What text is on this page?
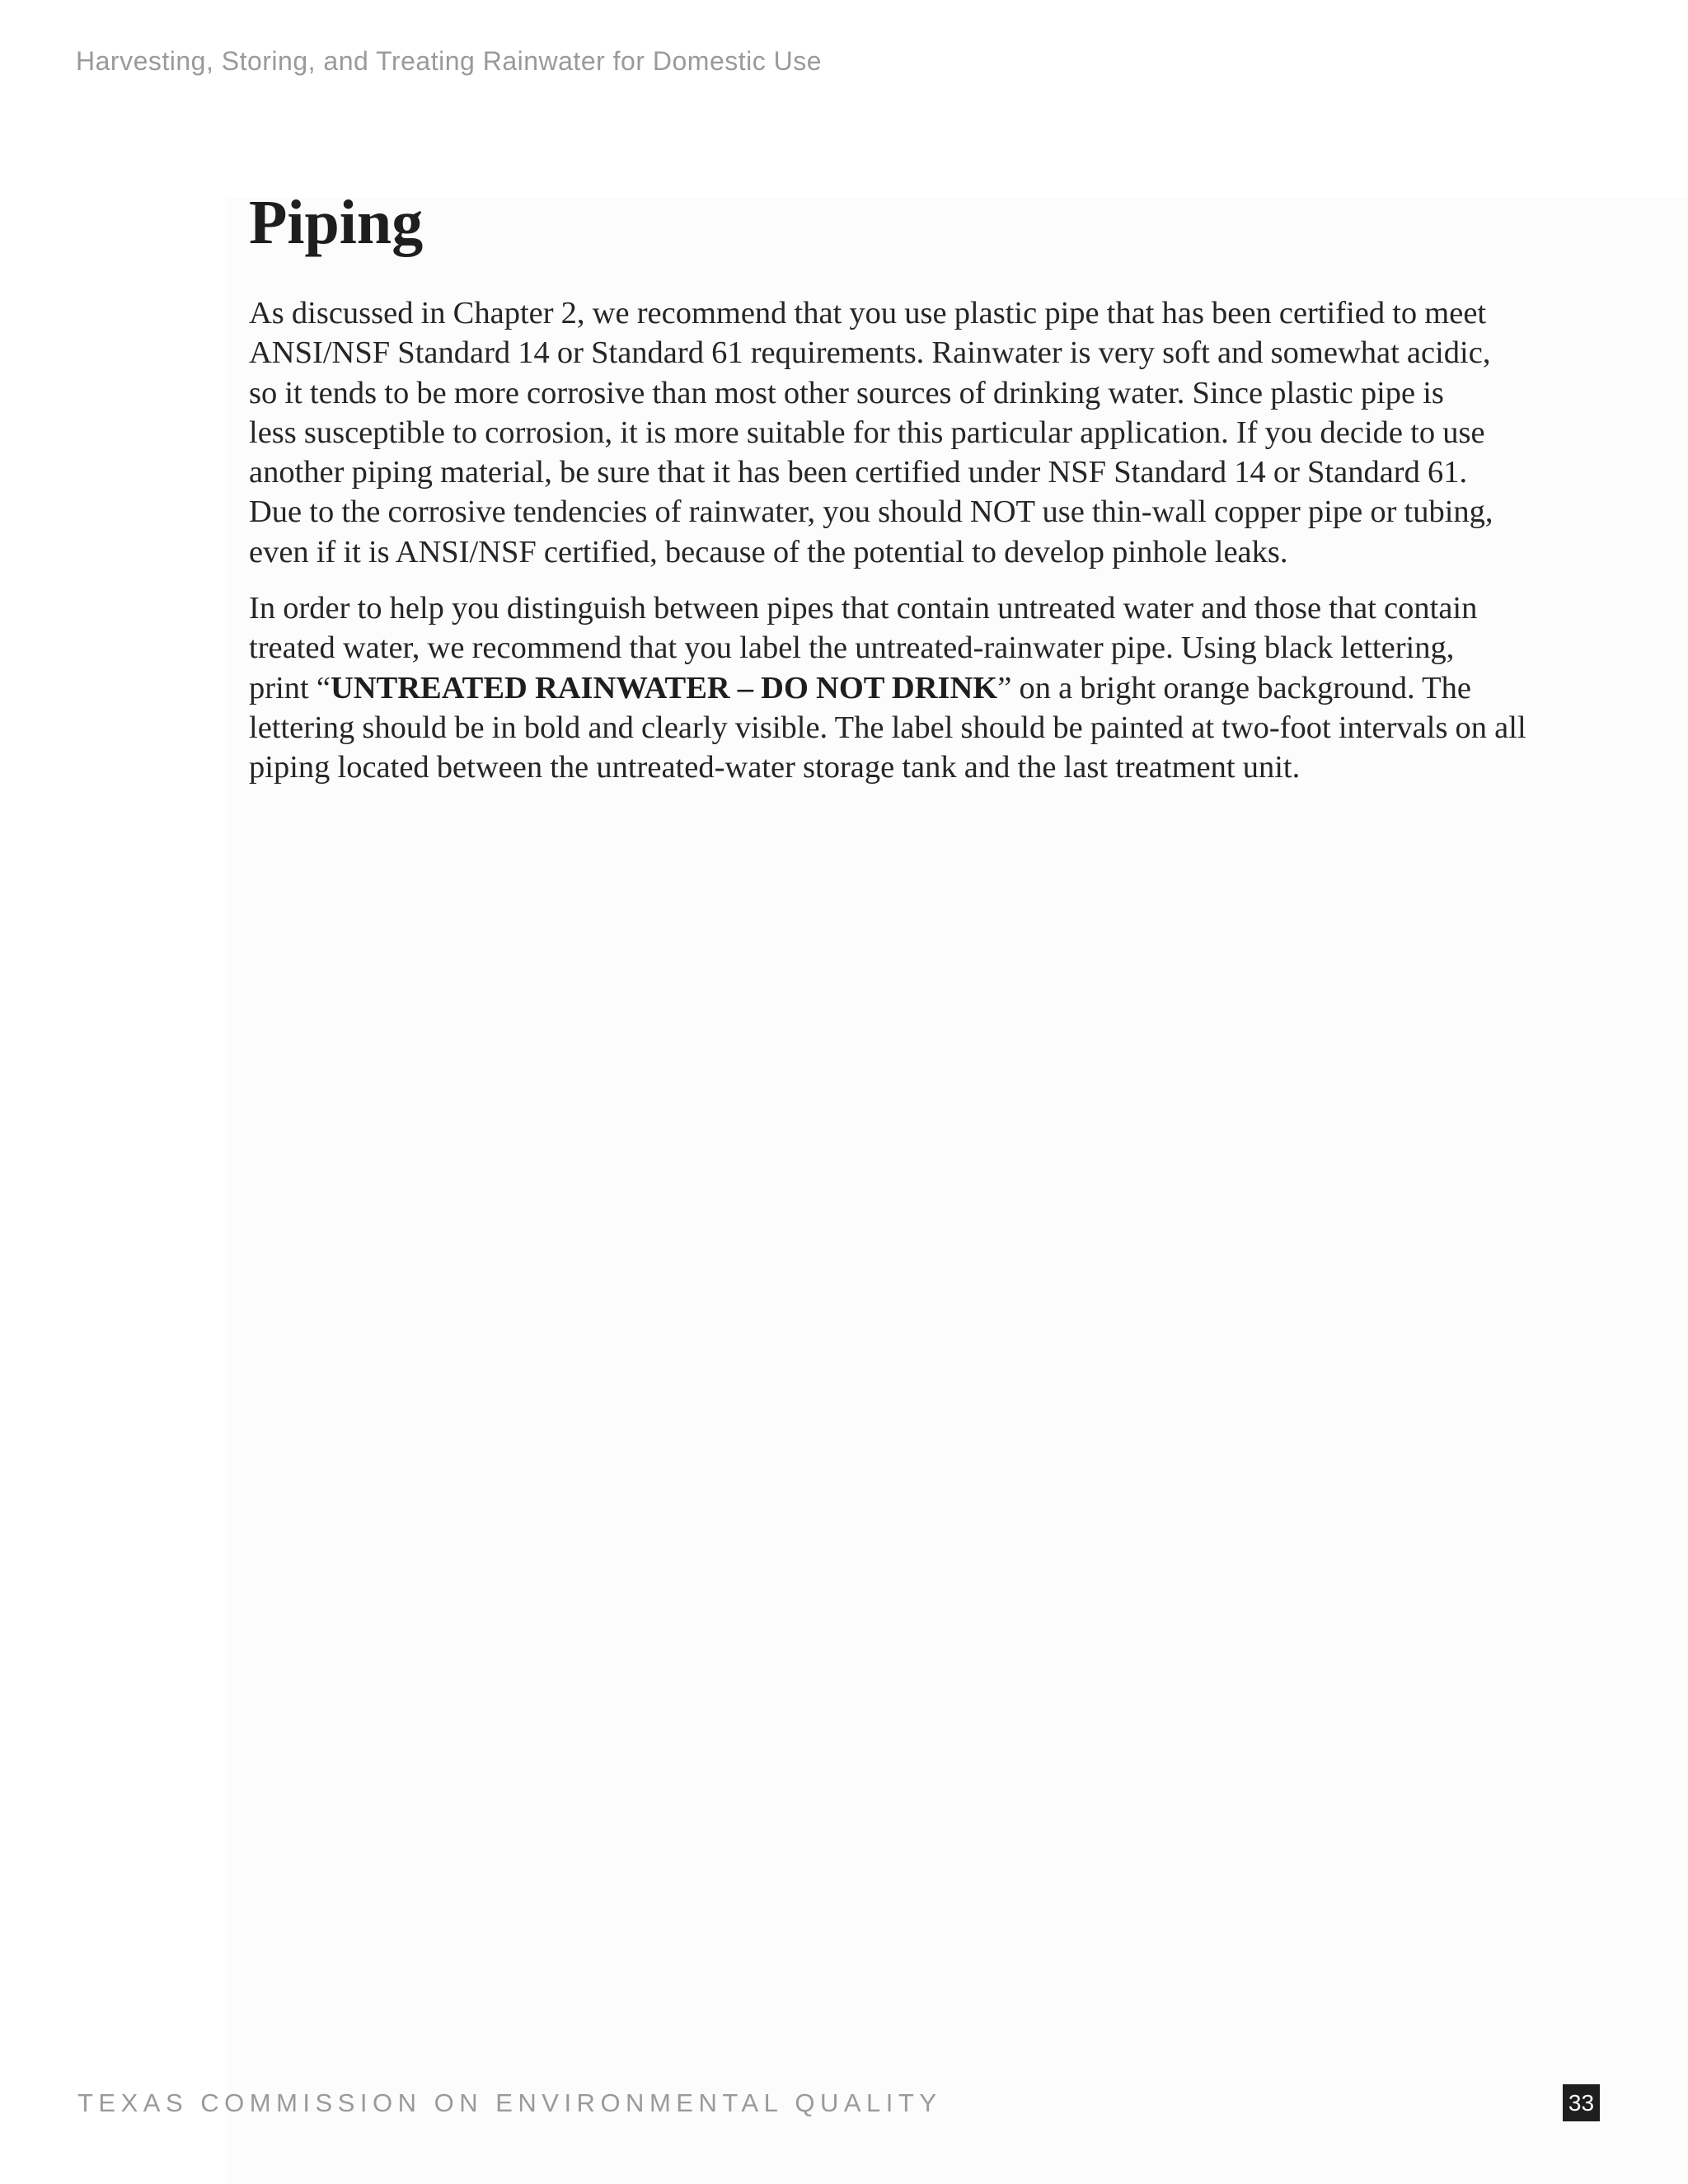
Harvesting, Storing, and Treating Rainwater for Domestic Use
Piping

As discussed in Chapter 2, we recommend that you use plastic pipe that has been certified to meet
ANSI/NSF Standard 14 or Standard 61 requirements. Rainwater is very soft and somewhat acidic,
so it tends to be more corrosive than most other sources of drinking water. Since plastic pipe is
less susceptible to corrosion, it is more suitable for this particular application. If you decide to use
another piping material, be sure that it has been certified under NSF Standard 14 or Standard 61.
Due to the corrosive tendencies of rainwater, you should NOT use thin-wall copper pipe or tubing,
even if it is ANSI/NSF certified, because of the potential to develop pinhole leaks.

In order to help you distinguish between pipes that contain untreated water and those that contain
treated water, we recommend that you label the untreated-rainwater pipe. Using black lettering,
print “UNTREATED RAINWATER – DO NOT DRINK” on a bright orange background. The
lettering should be in bold and clearly visible. The label should be painted at two-foot intervals on all
piping located between the untreated-water storage tank and the last treatment unit.

TEXAS COMMISSION ON ENVIRONMENTAL QUALITY	33
